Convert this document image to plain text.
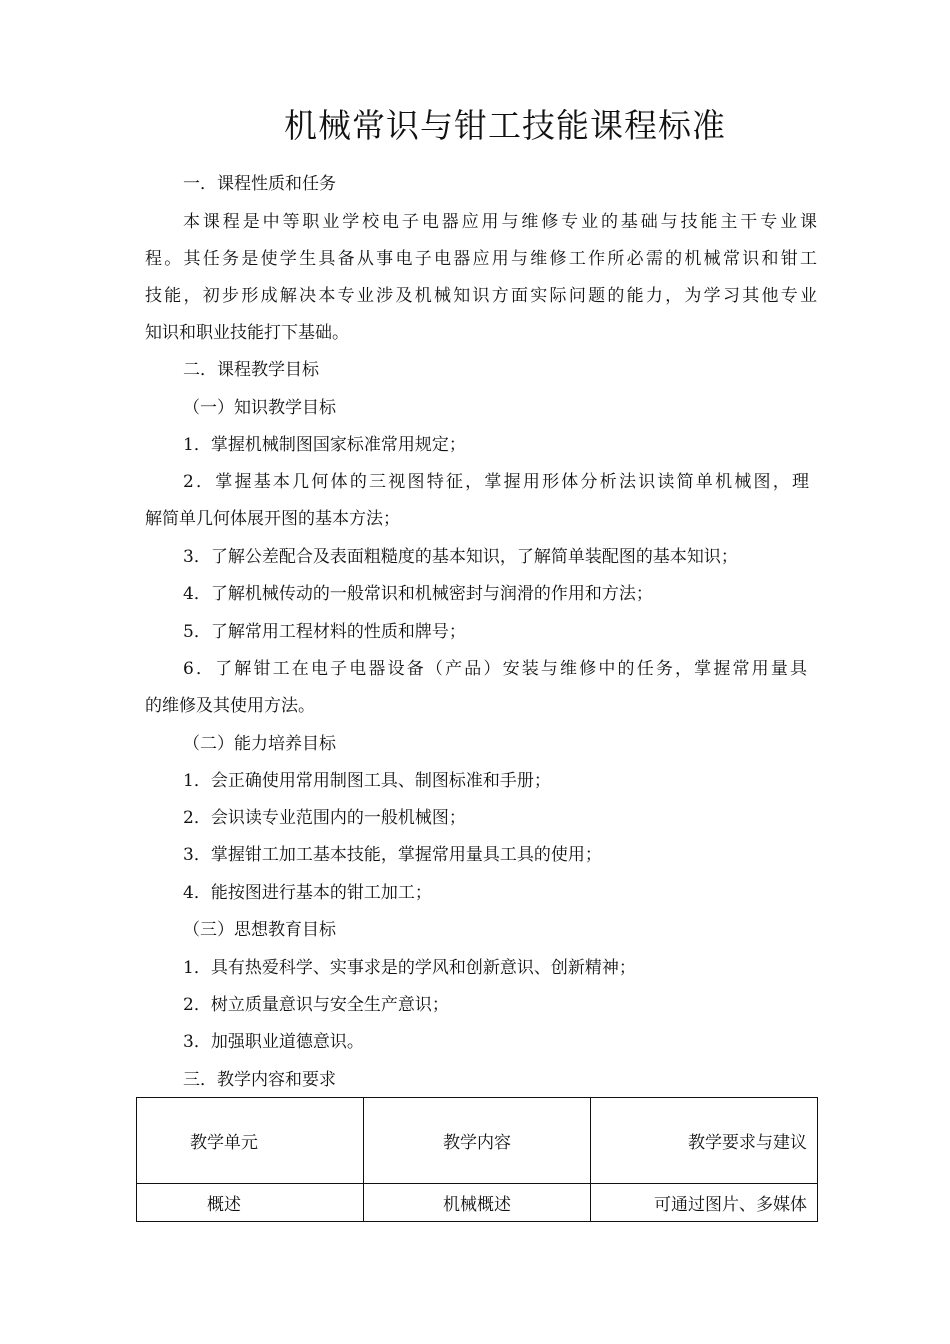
机械常识与钳工技能课程标准
一．课程性质和任务
本课程是中等职业学校电子电器应用与维修专业的基础与技能主干专业课
程。其任务是使学生具备从事电子电器应用与维修工作所必需的机械常识和钳工
技能，初步形成解决本专业涉及机械知识方面实际问题的能力，为学习其他专业
知识和职业技能打下基础。
二．课程教学目标
（一）知识教学目标
1．掌握机械制图国家标准常用规定；
2．掌握基本几何体的三视图特征，掌握用形体分析法识读简单机械图，理
解简单几何体展开图的基本方法；
3．了解公差配合及表面粗糙度的基本知识，了解简单装配图的基本知识；
4．了解机械传动的一般常识和机械密封与润滑的作用和方法；
5．了解常用工程材料的性质和牌号；
6．了解钳工在电子电器设备（产品）安装与维修中的任务，掌握常用量具
的维修及其使用方法。
（二）能力培养目标
1．会正确使用常用制图工具、制图标准和手册；
2．会识读专业范围内的一般机械图；
3．掌握钳工加工基本技能，掌握常用量具工具的使用；
4．能按图进行基本的钳工加工；
（三）思想教育目标
1．具有热爱科学、实事求是的学风和创新意识、创新精神；
2．树立质量意识与安全生产意识；
3．加强职业道德意识。
三．教学内容和要求
教学单元	教学内容	教学要求与建议
概述	机械概述	可通过图片、多媒体
